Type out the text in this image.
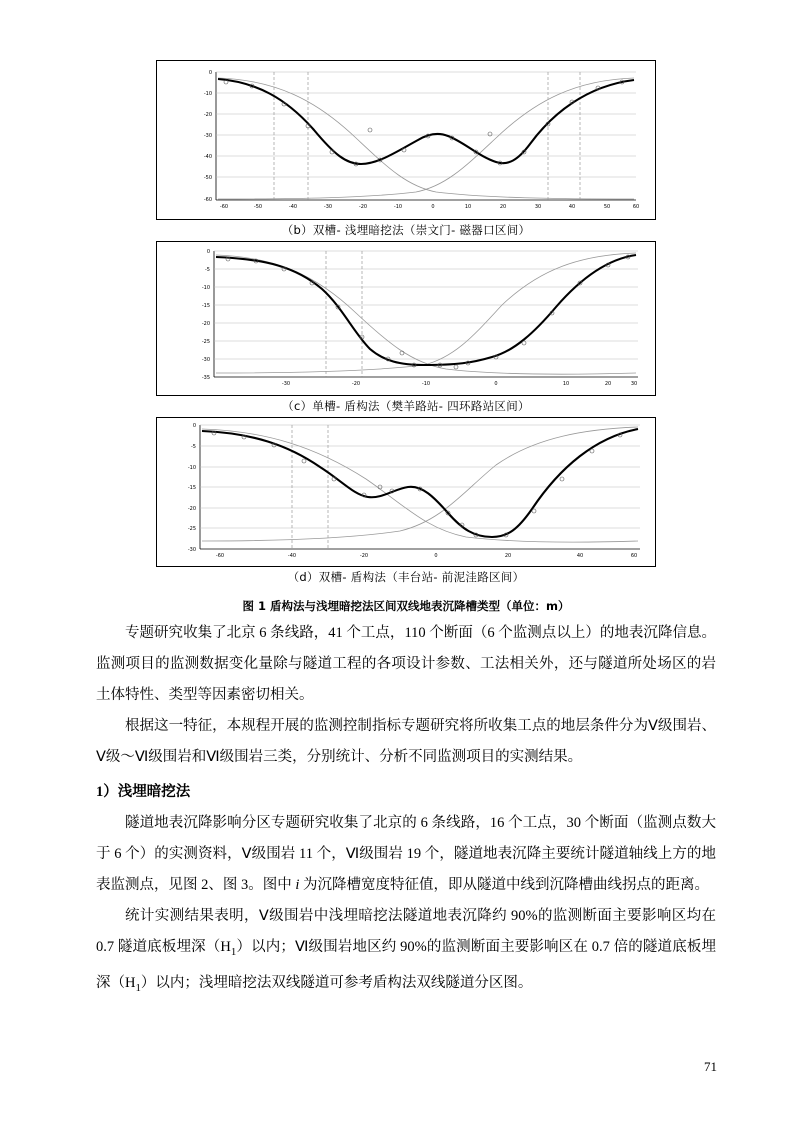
0
-10
-20
-30
-40
-50
-60
-60	-50	-40	-30	-20	-10	0	10	20	30	40	50	60
（b）双槽- 浅埋暗挖法（崇文门- 磁器口区间）
0
-5
-10
-15
-20
-25
-30
-35
-30	-20	-10	0	10	20	30
（c）单槽- 盾构法（樊羊路站- 四环路站区间）
0
-5
-10
-15
-20
-25
-30
-60	-40	-20	0	20	40	60
（d）双槽- 盾构法（丰台站- 前泥洼路区间）
图 1 盾构法与浅埋暗挖法区间双线地表沉降槽类型（单位：m）

专题研究收集了北京 6 条线路，41 个工点，110 个断面（6 个监测点以上）的地表沉降信息。监测项目的监测数据变化量除与隧道工程的各项设计参数、工法相关外，还与隧道所处场区的岩土体特性、类型等因素密切相关。

根据这一特征，本规程开展的监测控制指标专题研究将所收集工点的地层条件分为Ⅴ级围岩、Ⅴ级～Ⅵ级围岩和Ⅵ级围岩三类，分别统计、分析不同监测项目的实测结果。

1）浅埋暗挖法

隧道地表沉降影响分区专题研究收集了北京的 6 条线路，16 个工点，30 个断面（监测点数大于 6 个）的实测资料，Ⅴ级围岩 11 个，Ⅵ级围岩 19 个，隧道地表沉降主要统计隧道轴线上方的地表监测点，见图 2、图 3。图中 i 为沉降槽宽度特征值，即从隧道中线到沉降槽曲线拐点的距离。

统计实测结果表明，Ⅴ级围岩中浅埋暗挖法隧道地表沉降约 90%的监测断面主要影响区均在 0.7 隧道底板埋深$(H_1)$以内；Ⅵ级围岩地区约 90%的监测断面主要影响区在 0.7 倍的隧道底板埋深$(H_1)$以内；浅埋暗挖法双线隧道可参考盾构法双线隧道分区图。

71
